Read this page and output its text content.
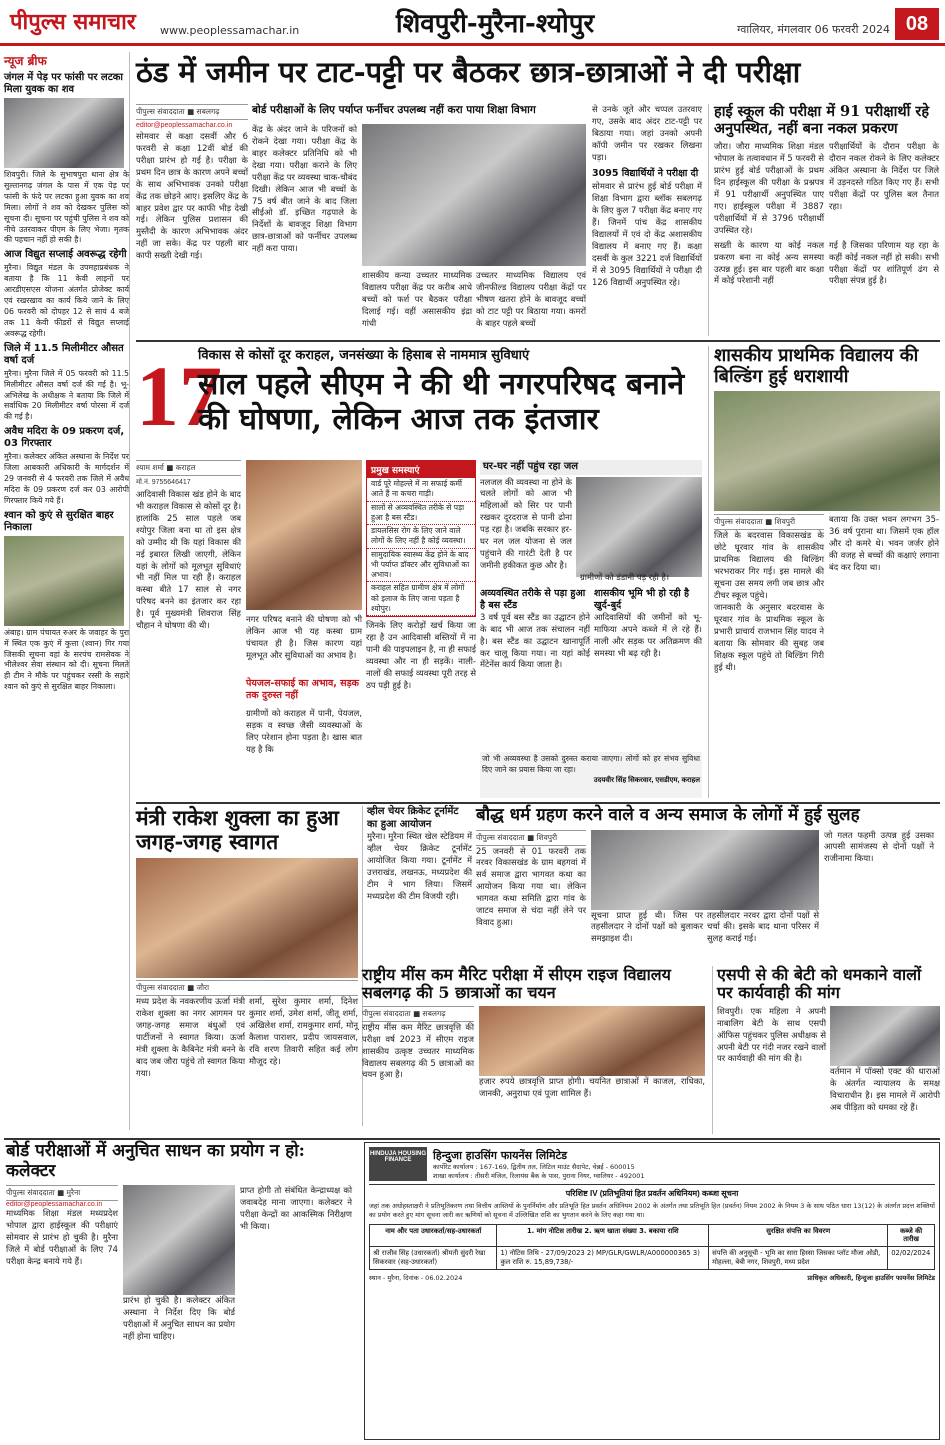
पीपुल्स समाचार www.peoplessamachar.in	शिवपुरी-मुरैना-श्योपुर	ग्वालियर, मंगलवार 06 फरवरी 2024 08
न्यूज ब्रीफ
जंगल में पेड़ पर फांसी पर लटका मिला युवक का शव
शिवपुरी। जिले के सुभाषपुरा थाना क्षेत्र के सुल्तानगढ़ जंगल के पास में एक पेड़ पर फांसी के फंदे पर लटका हुआ युवक का शव मिला। लोगों ने शव को देखकर पुलिस को सूचना दी। सूचना पर पहुंची पुलिस ने शव को नीचे उतरवाकर पीएम के लिए भेजा। मृतक की पहचान नहीं हो सकी है।
आज विद्युत सप्लाई अवरूद्ध रहेगी
मुरैना। विद्युत मंडल के उपमहाप्रबंधक ने बताया है कि 11 केवी लाइनों पर आरडीएसएस योजना अंतर्गत प्रोजेक्ट कार्य एवं रखरखाव का कार्य किये जाने के लिए 06 फरवरी को दोपहर 12 से सायं 4 बजे तक 11 केवी फीडरों से विद्युत सप्लाई अवरूद्ध रहेगी।
जिले में 11.5 मिलीमीटर औसत वर्षा दर्ज
मुरैना। मुरैना जिले में 05 फरवरी को 11.5 मिलीमीटर औसत वर्षा दर्ज की गई है। भू-अभिलेख के अधीक्षक ने बताया कि जिले में सर्वाधिक 20 मिलीमीटर वर्षा पोरसा में दर्ज की गई है।
अवैध मदिरा के 09 प्रकरण दर्ज, 03 गिरफ्तार
मुरैना। कलेक्टर अंकित अस्थाना के निर्देश पर जिला आबकारी अधिकारी के मार्गदर्शन में 29 जनवरी से 4 फरवरी तक जिले में अवैध मदिरा के 09 प्रकरण दर्ज कर 03 आरोपी गिरफ्तार किये गये हैं।
श्वान को कुएं से सुरक्षित बाहर निकाला
अंबाह। ग्राम पंचायत रुअर के जवाहर के पुरा में स्थित एक कुएं में कुत्ता (श्वान) गिर गया जिसकी सूचना वहां के सरपंच रामसेवक ने भीलेश्वर सेवा संस्थान को दी। सूचना मिलते ही टीम ने मौके पर पहुंचकर रस्सी के सहारे श्वान को कुएं से सुरक्षित बाहर निकाला।
ठंड में जमीन पर टाट-पट्टी पर बैठकर छात्र-छात्राओं ने दी परीक्षा
पीपुल्स संवाददाता ■ सबलगढ़
editor@peoplessamachar.co.in
सोमवार से कक्षा दसवीं और 6 फरवरी से कक्षा 12वीं बोर्ड की परीक्षा प्रारंभ हो गई है। परीक्षा के प्रथम दिन छात्र के कारण अपने बच्चों के साथ अभिभावक उनको परीक्षा केंद्र तक छोड़ने आए। इसलिए केंद्र के बाहर प्रवेश द्वार पर काफी भीड़ देखी गई। लेकिन पुलिस प्रशासन की मुस्तैदी के कारण अभिभावक अंदर नहीं जा सके। केंद्र पर पहली बार कापी सख्ती देखी गई।
बोर्ड परीक्षाओं के लिए पर्याप्त फर्नीचर उपलब्ध नहीं करा पाया शिक्षा विभाग
केंद्र के अंदर जाने के परिजनों को रोकने देखा गया। परीक्षा केंद्र के बाहर कलेक्टर प्रतिनिधि को भी देखा गया। परीक्षा कराने के लिए परीक्षा केंद्र पर व्यवस्था चाक-चौबंद दिखी। लेकिन आज भी बच्चों के 75 वर्ष बीत जाने के बाद जिला सीईओ डॉ. इच्छित गढ़पाले के निर्देशों के बावजूद शिक्षा विभाग छात्र-छात्राओं को फर्नीचर उपलब्ध नहीं करा पाया।
शासकीय कन्या उच्चतर माध्यमिक विद्यालय परीक्षा केंद्र पर करीब आधे बच्चों को फर्श पर बैठकर परीक्षा दिलाई गई। वहीं असासकीय इंद्रा गांधी
उच्चतर माध्यमिक विद्यालय एवं जीनफील्ड विद्यालय परीक्षा केंद्रों पर भीषण खतरा होने के बावजूद बच्चों को टाट पट्टी पर बिठाया गया। कमरों के बाहर पहले बच्चों
से उनके जूते और चप्पल उतरवाए गए, उसके बाद अंदर टाट-पट्टी पर बिठाया गया। जहां उनको अपनी कॉपी जमीन पर रखकर लिखना पड़ा।
3095 विद्यार्थियों ने परीक्षा दी
सोमवार से प्रारंभ हुई बोर्ड परीक्षा में शिक्षा विभाग द्वारा ब्लॉक सबलगढ़ के लिए कुल 7 परीक्षा केंद्र बनाए गए हैं। जिनमें पांच केंद्र शासकीय विद्यालयों में एवं दो केंद्र अशासकीय विद्यालय में बनाए गए हैं। कक्षा दसवीं के कुल 3221 दर्ज विद्यार्थियों में से 3095 विद्यार्थियों ने परीक्षा दी 126 विद्यार्थी अनुपस्थित रहे।
हाई स्कूल की परीक्षा में 91 परीक्षार्थी रहे अनुपस्थित, नहीं बना नकल प्रकरण
जौरा। जौरा माध्यमिक शिक्षा मंडल भोपाल के तत्वावधान में 5 फरवरी से प्रारंभ हुई बोर्ड परीक्षाओं के प्रथम दिन हाईस्कूल की परीक्षा के प्रश्नपत्र में 91 परीक्षार्थी अनुपस्थित पाए गए। हाईस्कूल परीक्षा में 3887 परीक्षार्थियों में से 3796 परीक्षार्थी उपस्थित रहे।
परीक्षार्थियों के दौरान परीक्षा के दौरान नकल रोकने के लिए कलेक्टर अंकित अस्थाना के निर्देश पर जिले में उड़नदस्ते गठित किए गए हैं। सभी परीक्षा केंद्रों पर पुलिस बल तैनात रहा।
सख्ती के कारण या कोई नकल प्रकरण बना ना कोई अन्य समस्या उत्पन्न हुई। इस बार पहली बार कक्षा में कोई परेशानी नहीं
गई है जिसका परिणाम यह रहा के कहीं कोई नकल नहीं हो सकी। सभी परीक्षा केंद्रों पर शांतिपूर्ण ढंग से परीक्षा संपन्न हुई है।
17
विकास से कोसों दूर कराहल, जनसंख्या के हिसाब से नाममात्र सुविधाएं
साल पहले सीएम ने की थी नगरपरिषद बनाने की घोषणा, लेकिन आज तक इंतजार
श्याम शर्मा ■ कराहल
मो.नं. 9755646417
आदिवासी विकास खंड होने के बाद भी कराहल विकास से कोसों दूर है। हालांकि 25 साल पहले जब श्योपुर जिला बना था तो इस क्षेत्र को उम्मीद थी कि यहां विकास की नई इबारत लिखी जाएगी, लेकिन यहां के लोगों को मूलभूत सुविधाएं भी नहीं मिल पा रही हैं। कराहल कस्बा बीते 17 साल से नगर परिषद बनने का इंतजार कर रहा है। पूर्व मुख्यमंत्री शिवराज सिंह चौहान ने घोषणा की थी।
नगर परिषद बनाने की घोषणा को भी लेकिन आज भी यह कस्बा ग्राम पंचायत ही है। जिस कारण यहां मूलभूत और सुविधाओं का अभाव है।
पेयजल-सफाई का अभाव, सड़क तक दुरुस्त नहीं
ग्रामीणों को कराहल में पानी, पेयजल, सड़क व स्वच्छ जैसी व्यवस्थाओं के लिए परेशान होना पड़ता है। खास बात यह है कि
प्रमुख समस्याएं
वार्ड पूरे मोहल्ले में ना सफाई कर्मी आते हैं ना कचरा गाड़ी।
सालों से अव्यवस्थित तरीके से पड़ा हुआ है बस स्टैंड।
डायलसिस रोग के लिए जाने वाले लोगों के लिए नहीं है कोई व्यवस्था।
सामुदायिक स्वास्थ्य केंद्र होने के बाद भी पर्याप्त डॉक्टर और सुविधाओं का अभाव।
कराहल सहित ग्रामीण क्षेत्र में लोगों को इलाज के लिए जाना पड़ता है श्योपुर।
जिनके लिए करोड़ों खर्च किया जा रहा है उन आदिवासी बस्तियों में ना पानी की पाइपलाइन है, ना ही सफाई व्यवस्था और ना ही सड़कें। नाली-नालों की सफाई व्यवस्था पूरी तरह से ठप पड़ी हुई है।
घर-घर नहीं पहुंच रहा जल
नलजल की व्यवस्था ना होने के चलते लोगों को आज भी महिलाओं को सिर पर पानी रखकर दूरदराज से पानी ढोना पड़ रहा है। जबकि सरकार हर-घर नल जल योजना से जल पहुंचाने की गारंटी देती है पर जमीनी हकीकत कुछ और है।
ग्रामीणों को डंडानी पड़ रही है।
अव्यवस्थित तरीके से पड़ा हुआ है बस स्टैंड
3 वर्ष पूर्व बस स्टैंड का उद्घाटन होने के बाद भी आज तक संचालन नहीं है। बस स्टैंड का उद्घाटन खानापूर्ति कर चालू किया गया। ना यहां कोई मेंटेनेंस कार्य किया जाता है।
शासकीय भूमि भी हो रही है खुर्द-बुर्द
आदिवासियों की जमीनों को भू-माफिया अपने कब्जे में ले रहे हैं। नाली और सड़क पर अतिक्रमण की समस्या भी बढ़ रही है।
जो भी अव्यवस्था है उसको दुरुस्त कराया जाएगा। लोगों को हर संभव सुविधा दिए जाने का प्रयास किया जा रहा।
उदयवीर सिंह सिकरवार, एसडीएम, कराहल
शासकीय प्राथमिक विद्यालय की बिल्डिंग हुई धराशायी
पीपुल्स संवाददाता ■ शिवपुरी
जिले के बदरवास विकासखंड के छोटे घूरवार गांव के शासकीय प्राथमिक विद्यालय की बिल्डिंग भरभराकर गिर गई। इस मामले की सूचना उस समय लगी जब छात्र और टीचर स्कूल पहुंचे।
जानकारी के अनुसार बदरवास के घूरवार गांव के प्राथमिक स्कूल के प्रभारी प्राचार्य राजभान सिंह यादव ने बताया कि सोमवार की सुबह जब शिक्षक स्कूल पहुंचे तो बिल्डिंग गिरी हुई थी।
बताया कि उक्त भवन लगभग 35-36 वर्ष पुराना था। जिसमें एक हॉल और दो कमरे थे। भवन जर्जर होने की वजह से बच्चों की कक्षाएं लगाना बंद कर दिया था।
मंत्री राकेश शुक्ला का हुआ जगह-जगह स्वागत
पीपुल्स संवाददाता ■ जौरा
मध्य प्रदेश के नवकरणीय ऊर्जा मंत्री राकेश शुक्ला का नगर आगमन पर जगह-जगह समाज बंधुओं एवं पार्टीजनों ने स्वागत किया। ऊर्जा मंत्री शुक्ला के कैबिनेट मंत्री बनने के बाद जब जौरा पहुंचे तो स्वागत किया गया।
शर्मा, सुरेश कुमार शर्मा, दिनेश कुमार शर्मा, उमेश शर्मा, जीतू शर्मा, अखिलेश शर्मा, रामकुमार शर्मा, मोनू कैलाश पाराशर, प्रदीप जायसवाल, रवि शरण तिवारी सहित कई लोग मौजूद रहे।
व्हील चेयर क्रिकेट टूर्नामेंट का हुआ आयोजन
मुरैना। मुरैना स्थित खेल स्टेडियम में व्हील चेयर क्रिकेट टूर्नामेंट आयोजित किया गया। टूर्नामेंट में उत्तराखंड, लखनऊ, मध्यप्रदेश की टीम ने भाग लिया। जिसमें मध्यप्रदेश की टीम विजयी रही।
बौद्ध धर्म ग्रहण करने वाले व अन्य समाज के लोगों में हुई सुलह
पीपुल्स संवाददाता ■ शिवपुरी
25 जनवरी से 01 फरवरी तक नरवर विकासखंड के ग्राम बहगवां में सर्व समाज द्वारा भागवत कथा का आयोजन किया गया था। लेकिन भागवत कथा समिति द्वारा गांव के जाटव समाज से चंदा नहीं लेने पर विवाद हुआ।
सूचना प्राप्त हुई थी। जिस पर तहसीलदार ने दोनों पक्षों को बुलाकर समझाइश दी।
तहसीलदार नरवर द्वारा दोनों पक्षों से चर्चा की। इसके बाद थाना परिसर में सुलह कराई गई।
जो गलत फहमी उत्पन्न हुई उसका आपसी सामंजस्य से दोनों पक्षों ने राजीनामा किया।
राष्ट्रीय मींस कम मैरिट परीक्षा में सीएम राइज विद्यालय सबलगढ़ की 5 छात्राओं का चयन
पीपुल्स संवाददाता ■ सबलगढ़
राष्ट्रीय मींस कम मैरिट छात्रवृत्ति की परीक्षा वर्ष 2023 में सीएम राइज शासकीय उत्कृष्ट उच्चतर माध्यमिक विद्यालय सबलगढ़ की 5 छात्राओं का चयन हुआ है।
हजार रुपये छात्रवृत्ति प्राप्त होगी। चयनित छात्राओं में काजल, राधिका, जानकी, अनुराधा एवं पूजा शामिल हैं।
एसपी से की बेटी को धमकाने वालों पर कार्यवाही की मांग
शिवपुरी। एक महिला ने अपनी नाबालिग बेटी के साथ एसपी ऑफिस पहुंचकर पुलिस अधीक्षक से अपनी बेटी पर गंदी नजर रखने वालों पर कार्यवाही की मांग की है।
वर्तमान में पॉक्सो एक्ट की धाराओं के अंतर्गत न्यायालय के समक्ष विचाराधीन है। इस मामले में आरोपी अब पीड़िता को धमका रहे हैं।
बोर्ड परीक्षाओं में अनुचित साधन का प्रयोग न हो: कलेक्टर
पीपुल्स संवाददाता ■ मुरैना
editor@peoplessamachar.co.in
माध्यमिक शिक्षा मंडल मध्यप्रदेश भोपाल द्वारा हाईस्कूल की परीक्षाएं सोमवार से प्रारंभ हो चुकी है। मुरैना जिले में बोर्ड परीक्षाओं के लिए 74 परीक्षा केन्द्र बनाये गये हैं।
प्रारंभ हो चुकी है। कलेक्टर अंकित अस्थाना ने निर्देश दिए कि बोर्ड परीक्षाओं में अनुचित साधन का प्रयोग नहीं होना चाहिए।
प्राप्त होगी तो संबंधित केन्द्राध्यक्ष को जवाबदेह माना जाएगा। कलेक्टर ने परीक्षा केन्द्रों का आकस्मिक निरीक्षण भी किया।
HINDUJA HOUSING FINANCE	हिन्दुजा हाउसिंग फायनेंस लिमिटेड
कार्पोरेट कार्यालय : 167-169, द्वितीय तल, लिटिल माउंट सैदापेट, चेन्नई - 600015
शाखा कार्यालय : तीसरी मंजिल, रिलायंस बैंक के पास, पुराना नियर, ग्वालियर - 492001
परिशिष्ट IV (प्रतिभूतियां हित प्रवर्तन अधिनियम) कब्जा सूचना
जहां तक अधोहस्ताक्षरी ने प्रतिभूतिकरण तथा वित्तीय आस्तियों के पुनर्निर्माण और प्रतिभूति हित प्रवर्तन अधिनियम 2002 के अंतर्गत तथा प्रतिभूति हित (प्रवर्तन) नियम 2002 के नियम 3 के साथ पठित धारा 13(12) के अंतर्गत प्रदत्त शक्तियों का प्रयोग करते हुए मांग सूचना जारी कर ऋणियों को सूचना में उल्लिखित राशि का भुगतान करने के लिए कहा गया था।
नाम और पता उधारकर्ता/सह-उधारकर्ता	1. मांग नोटिस तारीख 2. ऋण खाता संख्या 3. बकाया राशि	सुरक्षित संपत्ति का विवरण	कब्जे की तारीख
श्री राजीव सिंह (उधारकर्ता) श्रीमती सुंदरी रेखा सिकरवार (सह-उधारकर्ता)	1) नोटिस तिथि - 27/09/2023 2) MP/GLR/GWLR/A000000365 3) कुल राशि रु. 15,89,738/-	संपत्ति की अनुसूची - भूमि का सारा हिस्सा जिसका प्लॉट मौजा ओडी, मोहल्ला, बेबी नगर, शिवपुरी, मध्य प्रदेश	02/02/2024
स्थान - मुरैना, दिनांक - 06.02.2024	प्राधिकृत अधिकारी, हिन्दुजा हाउसिंग फायनेंस लिमिटेड
